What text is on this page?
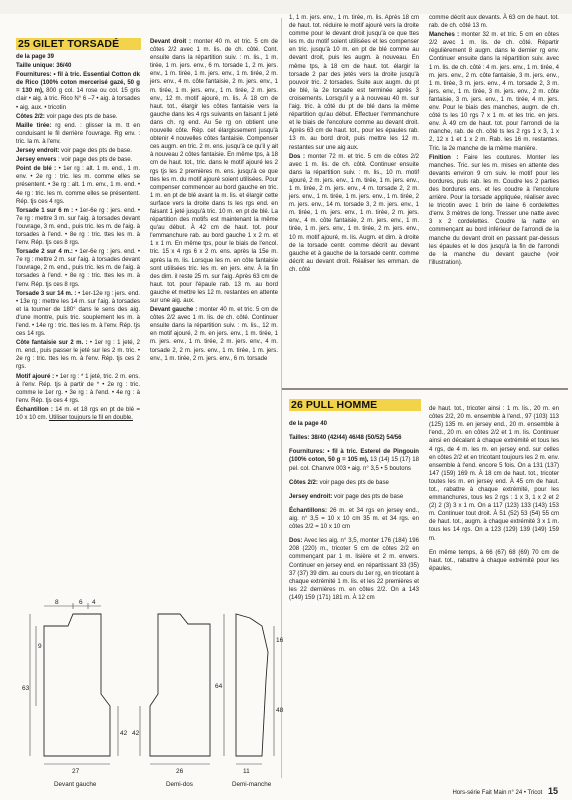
25 GILET TORSADÉ

de la page 39

Taille unique: 36/40

Fournitures: • fil à tric. Essential Cotton dk de Rico (100% coton mercerisé gazé, 50 g = 130 m), 800 g col. 14 rose ou col. 15 gris clair • aig. à tric. Rico N° 6 –7 • aig. à torsades • aig. aux. • tricotin

Côtes 2/2: voir page des pts de base.

Maille tirée: rg end. : glisser la m. tt en conduisant le fil derrière l'ouvrage. Rg env. : tric. la m. à l'env.

Jersey endroit: voir page des pts de base.

Jersey envers : voir page des pts de base.

Point de blé : • 1er rg : alt. 1 m. end., 1 m. env. • 2e rg : tric. les m. comme elles se présentent. • 3e rg : alt. 1 m. env., 1 m. end. • 4e rg : tric. les m. comme elles se présentent. Rép. tjs ces 4 rgs.

Torsade 1 sur 6 m : • 1er-6e rg : jers. end. • 7e rg : mettre 3 m. sur l'aig. à torsades devant l'ouvrage, 3 m. end., puis tric. les m. de l'aig. à torsades à l'end. • 8e rg : tric. ttes les m. à l'env. Rép. tjs ces 8 rgs.

Torsade 2 sur 4 m.: • 1er-6e rg : jers. end. • 7e rg : mettre 2 m. sur l'aig. à torsades devant l'ouvrage, 2 m. end., puis tric. les m. de l'aig. à torsades à l'end. • 8e rg : tric. ttes les m. à l'env. Rép. tjs ces 8 rgs.

Torsade 3 sur 14 m. : • 1er-12e rg : jers. end. • 13e rg : mettre les 14 m. sur l'aig. à torsades et la tourner de 180° dans le sens des aig. d'une montre, puis tric. souplement les m. à l'end. • 14e rg : tric. ttes les m. à l'env. Rép. tjs ces 14 rgs.

Côte fantaisie sur 2 m. : • 1er rg : 1 jeté, 2 m. end., puis passer le jeté sur les 2 m. tric. • 2e rg : tric. ttes les m. à l'env. Rép. tjs ces 2 rgs.

Motif ajouré : • 1er rg : * 1 jeté, tric. 2 m. ens. à l'env. Rép. tjs à partir de * • 2e rg : tric. comme le 1er rg. • 3e rg : à l'end. • 4e rg : à l'env. Rép. tjs ces 4 rgs.

Échantillon : 14 m. et 18 rgs en pt de blé = 10 x 10 cm. Utiliser toujours le fil en double.

Devant droit : monter 40 m. et tric. 5 cm de côtes 2/2 avec 1 m. lis. de ch. côté. Cont. ensuite dans la répartition suiv. : m. lis., 1 m. tirée, 1 m. jers. env., 6 m. torsade 1, 2 m. jers. env., 1 m. tirée, 1 m. jers. env., 1 m. tirée, 2 m. jers. env., 4 m. côte fantaisie, 2 m. jers. env., 1 m. tirée, 1 m. jers. env., 1 m. tirée, 2 m. jers. env., 12 m. motif ajouré, m. lis. À 18 cm de haut. tot., élargir les côtes fantaisie vers la gauche dans les 4 rgs suivants en faisant 1 jeté dans ch. rg end. Au 5e rg on obtient une nouvelle côte. Rép. cet élargissement jusqu'à obtenir 4 nouvelles côtes fantaisie. Compenser ces augm. en tric. 2 m. ens. jusqu'à ce qu'il y ait à nouveau 2 côtes fantaisie. En même tps, à 18 cm de haut. tot., tric. dans le motif ajouré les 2 rgs tjs les 2 premières m. ens. jusqu'à ce que ttes les m. du motif ajouré soient utilisées. Pour compenser commencer au bord gauche en tric. 1 m. en pt de blé avant la m. lis. et élargir cette surface vers la droite dans ts les rgs end. en faisant 1 jeté jusqu'à tric. 10 m. en pt de blé. La répartition des motifs est maintenant la même qu'au début. À 42 cm de haut. tot. pour l'emmanchure rab. au bord gauche 1 x 2 m. et 1 x 1 m. En même tps, pour le biais de l'encol. tric. 15 x 4 rgs 6 x 2 m. ens. après la 15e m. après la m. lis. Lorsque les m. en côte fantaisie sont utilisées tric. les m. en jers. env. À la fin des dim. il reste 25 m. sur l'aig. Après 63 cm de haut. tot. pour l'épaule rab. 13 m. au bord gauche et mettre les 12 m. restantes en attente sur une aig. aux.

Devant gauche : monter 40 m. et tric. 5 cm de côtes 2/2 avec 1 m. lis. de ch. côté. Continuer ensuite dans la répartition suiv. : m. lis., 12 m. en motif ajouré, 2 m. en jers. env., 1 m. tirée, 1 m. jers. env., 1 m. tirée, 2 m. jers. env., 4 m. torsade 2, 2 m. jers. env., 1 m. tirée, 1 m. jers. env., 1 m. tirée, 2 m. jers. env., 6 m. torsade

1, 1 m. jers. env., 1 m. tirée, m. lis. Après 18 cm de haut. tot. réduire le motif ajouré vers la droite comme pour le devant droit jusqu'à ce que ttes les m. du motif soient utilisées et les compenser en tric. jusqu'à 10 m. en pt de blé comme au devant droit, puis les augm. à nouveau. En même tps, à 18 cm de haut. tot. élargir la torsade 2 par des jetés vers la droite jusqu'à pouvoir tric. 2 torsades. Suite aux augm. du pt de blé, la 2e torsade est terminée après 3 croisements. Lorsqu'il y a à nouveau 40 m. sur l'aig. tric. à côté du pt de blé dans la même répartition qu'au début. Effectuer l'emmanchure et le biais de l'encolure comme au devant droit. Après 63 cm de haut. tot., pour les épaules rab. 13 m. au bord droit, puis mettre les 12 m. restantes sur une aig aux.

Dos : monter 72 m. et tric. 5 cm de côtes 2/2 avec 1 m. lis. de ch. côté. Continuer ensuite dans la répartition suiv. : m. lis., 10 m. motif ajouré, 2 m. jers. env., 1 m. tirée, 1 m. jers. env., 1 m. tirée, 2 m. jers. env., 4 m. torsade 2, 2 m. jers. env., 1 m. tirée, 1 m. jers. env., 1 m. tirée, 2 m. jers. env., 14 m. torsade 3, 2 m. jers. env., 1 m. tirée, 1 m. jers. env., 1 m. tirée, 2 m. jers. env., 4 m. côte fantaisie, 2 m. jers. env., 1 m. tirée, 1 m. jers. env., 1 m. tirée, 2 m. jers. env., 10 m. motif ajouré, m. lis. Augm. et dim. à droite de la torsade centr. comme décrit au devant gauche et à gauche de la torsade centr. comme décrit au devant droit. Réaliser les emman. de ch. côté

comme décrit aux devants. À 63 cm de haut. tot. rab. de ch. côté 13 m.

Manches : monter 32 m. et tric. 5 cm en côtes 2/2 avec 1 m. lis. de ch. côté. Répartir régulièrement 8 augm. dans le dernier rg env. Continuer ensuite dans la répartition suiv. avec 1 m. lis. de ch. côté : 4 m. jers. env., 1 m. tirée, 4 m. jers. env., 2 m. côte fantaisie, 3 m. jers. env., 1 m. tirée, 3 m. jers. env., 4 m. torsade 2, 3 m. jers. env., 1 m. tirée, 3 m. jers. env., 2 m. côte fantaisie, 3 m. jers. env., 1 m. tirée, 4 m. jers. env. Pour le biais des manches, augm. de ch. côté ts les 10 rgs 7 x 1 m. et les tric. en jers. env. À 49 cm de haut. tot. pour l'arrondi de la manche, rab. de ch. côté ts les 2 rgs 1 x 3, 1 x 2, 12 x 1 et 1 x 2 m. Rab. les 16 m. restantes. Tric. la 2e manche de la même manière.

Finition : Faire les coutures. Monter les manches. Tric. sur les m. mises en attente des devants environ 9 cm suiv. le motif pour les bordures, puis rab. les m. Coudre les 2 parties des bordures ens. et les coudre à l'encolure arrière. Pour la torsade appliquée, réaliser avec le tricotin avec 1 brin de laine 6 cordelettes d'env. 3 mètres de long. Tresser une natte avec 3 x 2 cordelettes. Coudre la natte en commençant au bord inférieur de l'arrondi de la manche du devant droit en passant par-dessus les épaules et le dos jusqu'à la fin de l'arrondi de la manche du devant gauche (voir l'illustration).

26 PULL HOMME

de la page 40

Tailles: 38/40 (42/44) 46/48 (50/52) 54/56

Fournitures: • fil à tric. Esterel de Pingouin (100% coton, 50 g = 105 m), 13 (14) 15 (17) 18 pel. col. Chanvre 003 • aig. n° 3,5 • 5 boutons

Côtes 2/2: voir page des pts de base

Jersey endroit: voir page des pts de base

Échantillons: 26 m. et 34 rgs en jersey end., aig. n° 3,5 = 10 x 10 cm 35 m. et 34 rgs. en côtes 2/2 = 10 x 10 cm

Dos: Avec les aig. n° 3,5, monter 176 (184) 196 208 (220) m., tricoter 5 cm de côtes 2/2 en commençant par 1 m. lisière et 2 m. envers. Continuer en jersey end. en répartissant 33 (35) 37 (37) 39 dim. au cours du 1er rg, en tricotant à chaque extrémité 1 m. lis. et les 22 premières et les 22 dernières m. en côtes 2/2. On a 143 (149) 159 (171) 181 m. À 12 cm

de haut. tot., tricoter ainsi : 1 m. lis., 20 m. en côtes 2/2, 20 m. ensemble à l'end., 97 (103) 113 (125) 135 m. en jersey end., 20 m. ensemble à l'end., 20 m. en côtes 2/2 et 1 m. lis. Continuer ainsi en décalant à chaque extrémité et tous les 4 rgs, de 4 m. les m. en jersey end. sur celles en côtes 2/2 et en tricotant toujours les 2 m. env. ensemble à l'end. encore 5 fois. On a 131 (137) 147 (159) 169 m. À 18 cm de haut. tot., tricoter toutes les m. en jersey end. À 45 cm de haut. tot., rabattre à chaque extrémité, pour les emmanchures, tous les 2 rgs : 1 x 3, 1 x 2 et 2 (2) 2 (3) 3 x 1 m. On a 117 (123) 133 (143) 153 m. Continuer tout droit. À 51 (52) 53 (54) 55 cm de haut. tot., augm. à chaque extrémité 3 x 1 m. tous les 14 rgs. On a 123 (129) 139 (149) 159 m.

En même temps, à 66 (67) 68 (69) 70 cm de haut. tot., rabattre à chaque extrémité pour les épaules,

8	6 4
9
63
42
27
42
26
64
16
48
11
Devant gauche	Demi-dos	Demi-manche
Hors-série Fait Main n° 24 • Tricot 15
